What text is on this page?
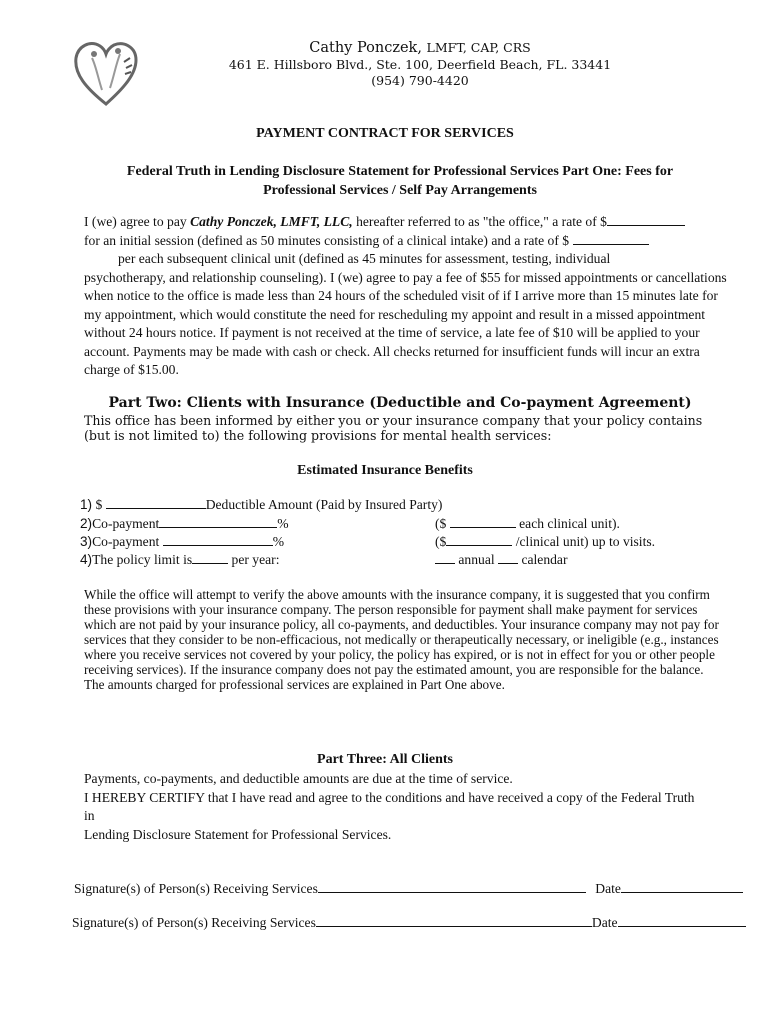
Cathy Ponczek, LMFT, CAP, CRS
461 E. Hillsboro Blvd., Ste. 100, Deerfield Beach, FL. 33441
(954) 790-4420
PAYMENT CONTRACT FOR SERVICES
Federal Truth in Lending Disclosure Statement for Professional Services Part One: Fees for
Professional Services / Self Pay Arrangements
I (we) agree to pay Cathy Ponczek, LMFT, LLC, hereafter referred to as "the office," a rate of $
for an initial session (defined as 50 minutes consisting of a clinical intake) and a rate of $
per each subsequent clinical unit (defined as 45 minutes for assessment, testing, individual
psychotherapy, and relationship counseling). I (we) agree to pay a fee of $55 for missed appointments or cancellations when notice to the office is made less than 24 hours of the scheduled visit of if I arrive more than 15 minutes late for my appointment, which would constitute the need for rescheduling my appoint and result in a missed appointment without 24 hours notice. If payment is not received at the time of service, a late fee of $10 will be applied to your account. Payments may be made with cash or check. All checks returned for insufficient funds will incur an extra charge of $15.00.
Part Two: Clients with Insurance (Deductible and Co-payment Agreement)
This office has been informed by either you or your insurance company that your policy contains (but is not limited to) the following provisions for mental health services:
Estimated Insurance Benefits
1) $	Deductible Amount (Paid by Insured Party)
2)Co-payment	%	($	each clinical unit).
3)Co-payment	%	($	/clinical unit) up to visits.
4)The policy limit is	per year:	annual  calendar
While the office will attempt to verify the above amounts with the insurance company, it is suggested that you confirm these provisions with your insurance company. The person responsible for payment shall make payment for services which are not paid by your insurance policy, all co-payments, and deductibles. Your insurance company may not pay for services that they consider to be non-efficacious, not medically or therapeutically necessary, or ineligible (e.g., instances where you receive services not covered by your policy, the policy has expired, or is not in effect for you or other people receiving services). If the insurance company does not pay the estimated amount, you are responsible for the balance. The amounts charged for professional services are explained in Part One above.
Part Three: All Clients
Payments, co-payments, and deductible amounts are due at the time of service.
I HEREBY CERTIFY that I have read and agree to the conditions and have received a copy of the Federal Truth
in
Lending Disclosure Statement for Professional Services.
Signature(s) of Person(s) Receiving Services	Date
Signature(s) of Person(s) Receiving Services	Date
